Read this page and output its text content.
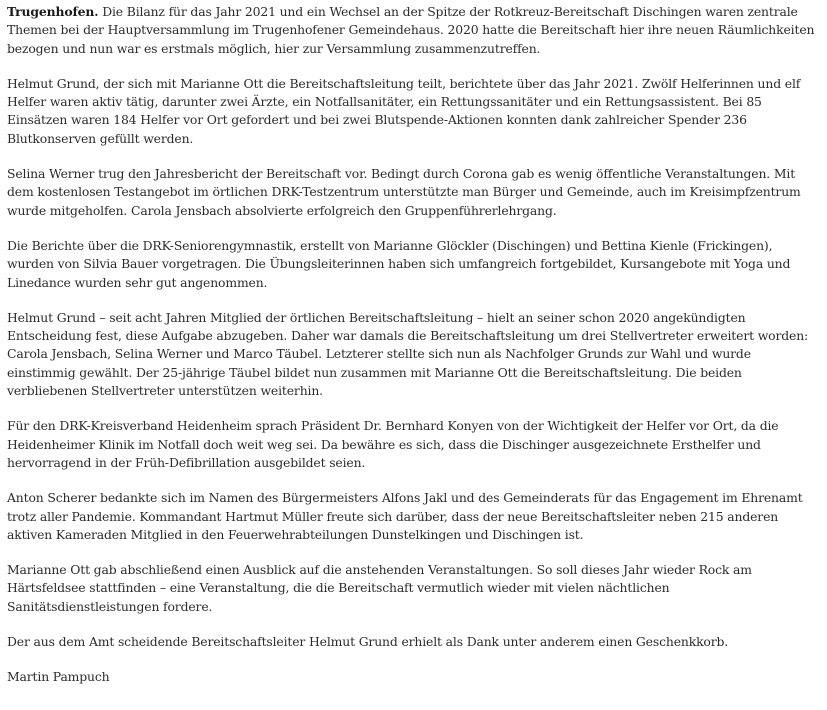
Trugenhofen. Die Bilanz für das Jahr 2021 und ein Wechsel an der Spitze der Rotkreuz-Bereitschaft Dischingen waren zentrale Themen bei der Hauptversammlung im Trugenhofener Gemeindehaus. 2020 hatte die Bereitschaft hier ihre neuen Räumlichkeiten bezogen und nun war es erstmals möglich, hier zur Versammlung zusammenzutreffen.

Helmut Grund, der sich mit Marianne Ott die Bereitschaftsleitung teilt, berichtete über das Jahr 2021. Zwölf Helferinnen und elf Helfer waren aktiv tätig, darunter zwei Ärzte, ein Notfallsanitäter, ein Rettungssanitäter und ein Rettungsassistent. Bei 85 Einsätzen waren 184 Helfer vor Ort gefordert und bei zwei Blutspende-Aktionen konnten dank zahlreicher Spender 236 Blutkonserven gefüllt werden.

Selina Werner trug den Jahresbericht der Bereitschaft vor. Bedingt durch Corona gab es wenig öffentliche Veranstaltungen. Mit dem kostenlosen Testangebot im örtlichen DRK-Testzentrum unterstützte man Bürger und Gemeinde, auch im Kreisimpfzentrum wurde mitgeholfen. Carola Jensbach absolvierte erfolgreich den Gruppenführerlehrgang.

Die Berichte über die DRK-Seniorengymnastik, erstellt von Marianne Glöckler (Dischingen) und Bettina Kienle (Frickingen), wurden von Silvia Bauer vorgetragen. Die Übungsleiterinnen haben sich umfangreich fortgebildet, Kursangebote mit Yoga und Linedance wurden sehr gut angenommen.

Helmut Grund – seit acht Jahren Mitglied der örtlichen Bereitschaftsleitung – hielt an seiner schon 2020 angekündigten Entscheidung fest, diese Aufgabe abzugeben. Daher war damals die Bereitschaftsleitung um drei Stellvertreter erweitert worden: Carola Jensbach, Selina Werner und Marco Täubel. Letzterer stellte sich nun als Nachfolger Grunds zur Wahl und wurde einstimmig gewählt. Der 25-jährige Täubel bildet nun zusammen mit Marianne Ott die Bereitschaftsleitung. Die beiden verbliebenen Stellvertreter unterstützen weiterhin.

Für den DRK-Kreisverband Heidenheim sprach Präsident Dr. Bernhard Konyen von der Wichtigkeit der Helfer vor Ort, da die Heidenheimer Klinik im Notfall doch weit weg sei. Da bewähre es sich, dass die Dischinger ausgezeichnete Ersthelfer und hervorragend in der Früh-Defibrillation ausgebildet seien.

Anton Scherer bedankte sich im Namen des Bürgermeisters Alfons Jakl und des Gemeinderats für das Engagement im Ehrenamt trotz aller Pandemie. Kommandant Hartmut Müller freute sich darüber, dass der neue Bereitschaftsleiter neben 215 anderen aktiven Kameraden Mitglied in den Feuerwehrabteilungen Dunstelkingen und Dischingen ist.

Marianne Ott gab abschließend einen Ausblick auf die anstehenden Veranstaltungen. So soll dieses Jahr wieder Rock am Härtsfeldsee stattfinden – eine Veranstaltung, die die Bereitschaft vermutlich wieder mit vielen nächtlichen Sanitätsdienstleistungen fordere.

Der aus dem Amt scheidende Bereitschaftsleiter Helmut Grund erhielt als Dank unter anderem einen Geschenkkorb.

Martin Pampuch
